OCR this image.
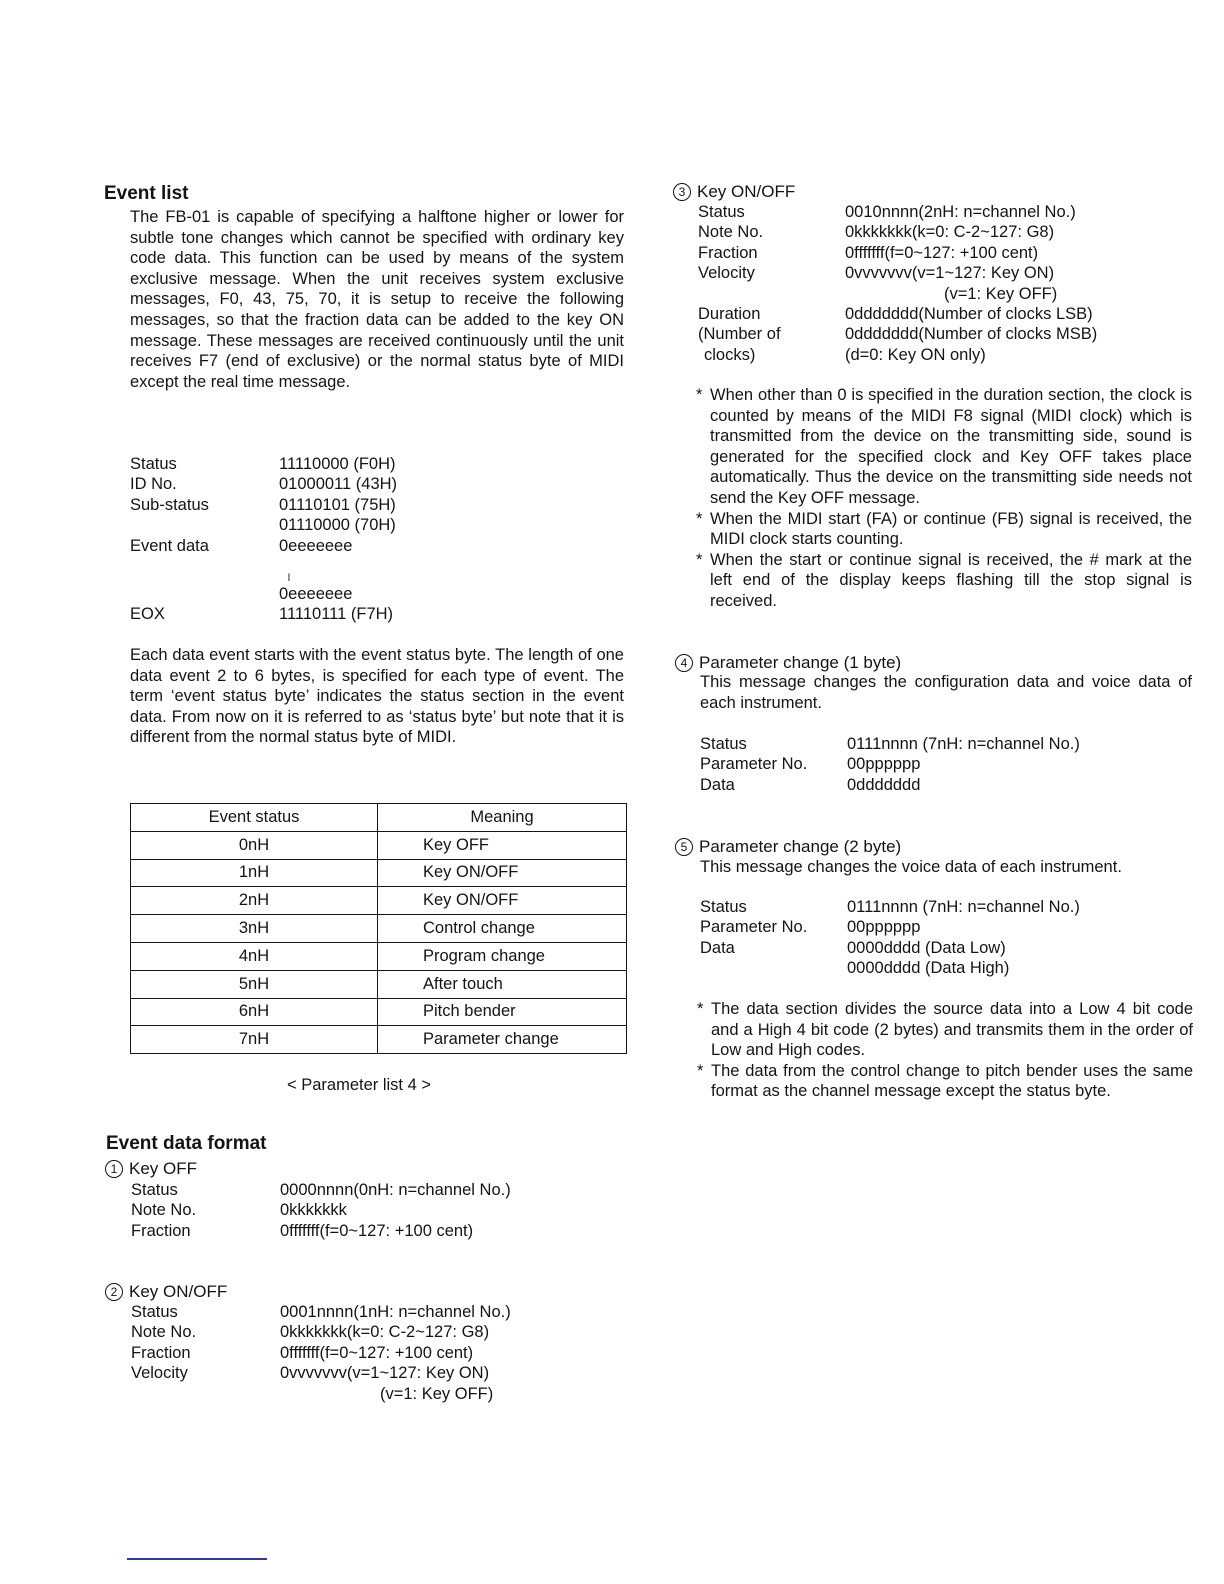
Event list
The FB-01 is capable of specifying a halftone higher or lower for subtle tone changes which cannot be specified with ordinary key code data. This function can be used by means of the system exclusive message. When the unit receives system exclusive messages, F0, 43, 75, 70, it is setup to receive the following messages, so that the fraction data can be added to the key ON message. These messages are received continuously until the unit receives F7 (end of exclusive) or the normal status byte of MIDI except the real time message.
Status	11110000 (F0H)
ID No.	01000011 (43H)
Sub-status	01110101 (75H)
01110000 (70H)
Event data	0eeeeeee
ı
0eeeeeee
EOX	11110111 (F7H)
Each data event starts with the event status byte. The length of one data event 2 to 6 bytes, is specified for each type of event. The term ‘event status byte’ indicates the status section in the event data. From now on it is referred to as ‘status byte’ but note that it is different from the normal status byte of MIDI.
Event status	Meaning
0nH	Key OFF
1nH	Key ON/OFF
2nH	Key ON/OFF
3nH	Control change
4nH	Program change
5nH	After touch
6nH	Pitch bender
7nH	Parameter change
< Parameter list 4 >
Event data format
1 Key OFF
Status	0000nnnn(0nH: n=channel No.)
Note No.	0kkkkkkk
Fraction	0fffffff(f=0~127: +100 cent)
2 Key ON/OFF
Status	0001nnnn(1nH: n=channel No.)
Note No.	0kkkkkkk(k=0: C-2~127: G8)
Fraction	0fffffff(f=0~127: +100 cent)
Velocity	0vvvvvvv(v=1~127: Key ON)
(v=1: Key OFF)
3 Key ON/OFF
Status	0010nnnn(2nH: n=channel No.)
Note No.	0kkkkkkk(k=0: C-2~127: G8)
Fraction	0fffffff(f=0~127: +100 cent)
Velocity	0vvvvvvv(v=1~127: Key ON)
(v=1: Key OFF)
Duration	0ddddddd(Number of clocks LSB)
(Number of	0ddddddd(Number of clocks MSB)
clocks)	(d=0: Key ON only)
* When other than 0 is specified in the duration section, the clock is counted by means of the MIDI F8 signal (MIDI clock) which is transmitted from the device on the transmitting side, sound is generated for the specified clock and Key OFF takes place automatically. Thus the device on the transmitting side needs not send the Key OFF message.
* When the MIDI start (FA) or continue (FB) signal is received, the MIDI clock starts counting.
* When the start or continue signal is received, the # mark at the left end of the display keeps flashing till the stop signal is received.
4 Parameter change (1 byte)
This message changes the configuration data and voice data of each instrument.
Status	0111nnnn (7nH: n=channel No.)
Parameter No. 00pppppp
Data	0ddddddd
5 Parameter change (2 byte)
This message changes the voice data of each instrument.
Status	0111nnnn (7nH: n=channel No.)
Parameter No. 00pppppp
Data	0000dddd (Data Low)
0000dddd (Data High)
* The data section divides the source data into a Low 4 bit code and a High 4 bit code (2 bytes) and transmits them in the order of Low and High codes.
* The data from the control change to pitch bender uses the same format as the channel message except the status byte.
